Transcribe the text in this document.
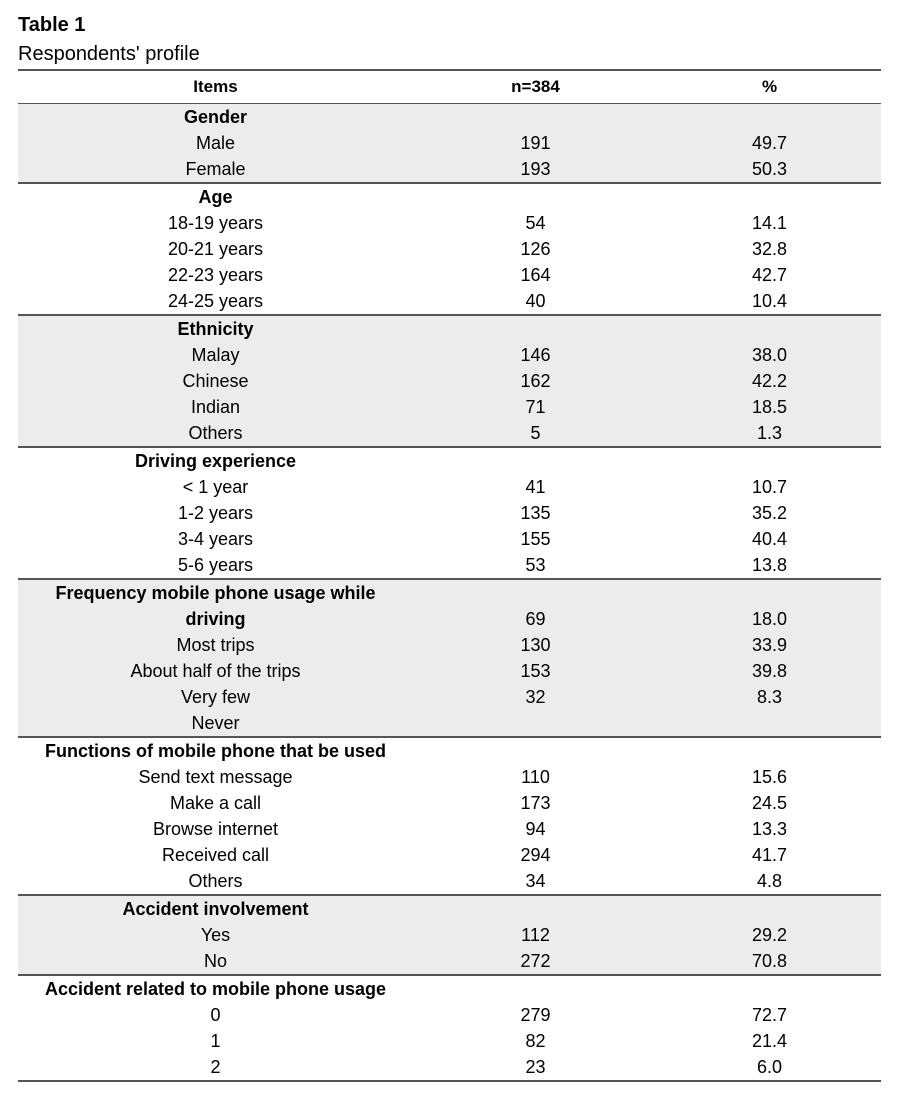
Table 1
Respondents' profile
Items	n=384	%
Gender
Male	191	49.7
Female	193	50.3
Age
18-19 years	54	14.1
20-21 years	126	32.8
22-23 years	164	42.7
24-25 years	40	10.4
Ethnicity
Malay	146	38.0
Chinese	162	42.2
Indian	71	18.5
Others	5	1.3
Driving experience
< 1 year	41	10.7
1-2 years	135	35.2
3-4 years	155	40.4
5-6 years	53	13.8
Frequency mobile phone usage while
driving	69	18.0
Most trips	130	33.9
About half of the trips	153	39.8
Very few	32	8.3
Never
Functions of mobile phone that be used
Send text message	110	15.6
Make a call	173	24.5
Browse internet	94	13.3
Received call	294	41.7
Others	34	4.8
Accident involvement
Yes	112	29.2
No	272	70.8
Accident related to mobile phone usage
0	279	72.7
1	82	21.4
2	23	6.0
